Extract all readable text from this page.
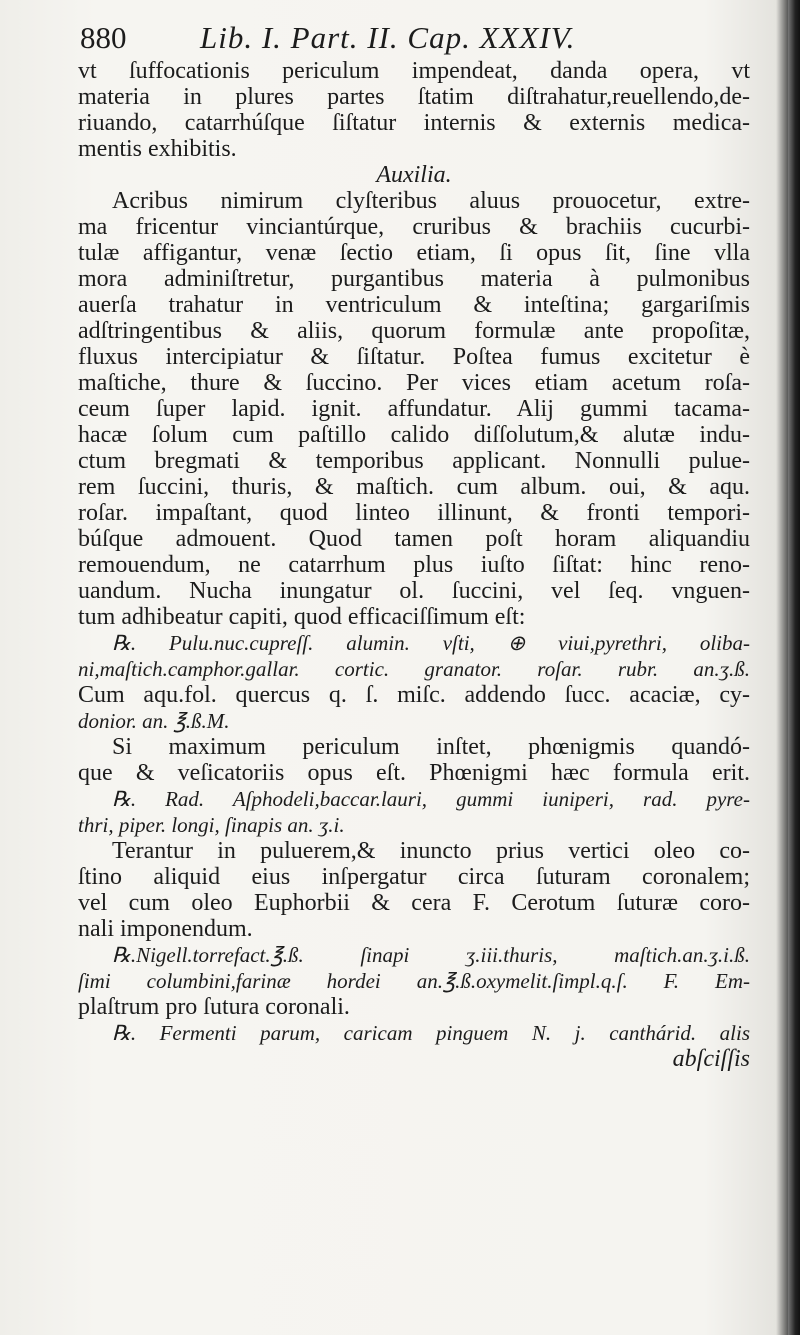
880 Lib. I. Part. II. Cap. XXXIV.
vt ſuffocationis periculum impendeat, danda opera, vt
materia in plures partes ſtatim diſtrahatur,reuellendo,de-
riuando, catarrhúſque ſiſtatur internis & externis medica-
mentis exhibitis.
Auxilia.
Acribus nimirum clyſteribus aluus prouocetur, extre-
ma fricentur vinciantúrque, cruribus & brachiis cucurbi-
tulæ affigantur, venæ ſectio etiam, ſi opus ſit, ſine vlla
mora adminiſtretur, purgantibus materia à pulmonibus
auerſa trahatur in ventriculum & inteſtina; gargariſmis
adſtringentibus & aliis, quorum formulæ ante propoſitæ,
fluxus intercipiatur & ſiſtatur. Poſtea fumus excitetur è
maſtiche, thure & ſuccino. Per vices etiam acetum roſa-
ceum ſuper lapid. ignit. affundatur. Alij gummi tacama-
hacæ ſolum cum paſtillo calido diſſolutum,& alutæ indu-
ctum bregmati & temporibus applicant. Nonnulli pulue-
rem ſuccini, thuris, & maſtich. cum album. oui, & aqu.
roſar. impaſtant, quod linteo illinunt, & fronti tempori-
búſque admouent. Quod tamen poſt horam aliquandiu
remouendum, ne catarrhum plus iuſto ſiſtat: hinc reno-
uandum. Nucha inungatur ol. ſuccini, vel ſeq. vnguen-
tum adhibeatur capiti, quod efficaciſſimum eſt:
℞. Pulu.nuc.cupreſſ. alumin. vſti, ⊕ viui,pyrethri, oliba-
ni,maſtich.camphor.gallar. cortic. granator. roſar. rubr. an.ʒ.ß.
Cum aqu.fol. quercus q. ſ. miſc. addendo ſucc. acaciæ, cy-
donior. an. ℥.ß.M.
Si maximum periculum inſtet, phœnigmis quandó-
que & veſicatoriis opus eſt. Phœnigmi hæc formula erit.
℞. Rad. Aſphodeli,baccar.lauri, gummi iuniperi, rad. pyre-
thri, piper. longi, ſinapis an. ʒ.i.
Terantur in puluerem,& inuncto prius vertici oleo co-
ſtino aliquid eius inſpergatur circa ſuturam coronalem;
vel cum oleo Euphorbii & cera F. Cerotum ſuturæ coro-
nali imponendum.
℞.Nigell.torrefact.℥.ß. ſinapi ʒ.iii.thuris, maſtich.an.ʒ.i.ß.
ſimi columbini,farinæ hordei an.℥.ß.oxymelit.ſimpl.q.ſ. F. Em-
plaſtrum pro ſutura coronali.
℞. Fermenti parum, caricam pinguem N. j. canthárid. alis
abſciſſis
